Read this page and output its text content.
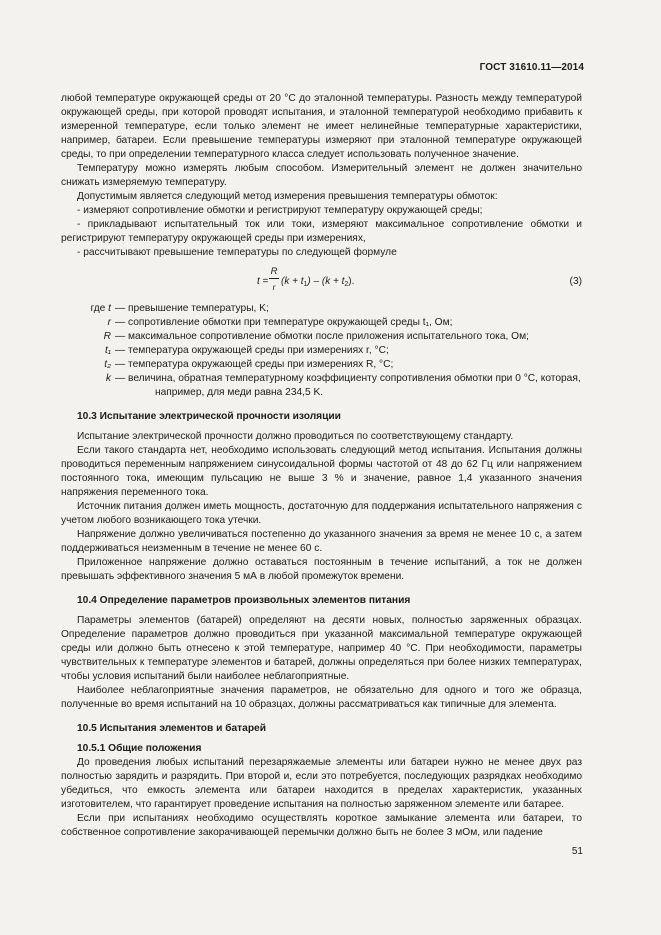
ГОСТ 31610.11—2014

любой температуре окружающей среды от 20 °С до эталонной температуры. Разность между температурой окружающей среды, при которой проводят испытания, и эталонной температурой необходимо прибавить к измеренной температуре, если только элемент не имеет нелинейные температурные характеристики, например, батареи. Если превышение температуры измеряют при эталонной температуре окружающей среды, то при определении температурного класса следует использовать полученное значение.

Температуру можно измерять любым способом. Измерительный элемент не должен значительно снижать измеряемую температуру.

Допустимым является следующий метод измерения превышения температуры обмоток:

- измеряют сопротивление обмотки и регистрируют температуру окружающей среды;

- прикладывают испытательный ток или токи, измеряют максимальное сопротивление обмотки и регистрируют температуру окружающей среды при измерениях,

- рассчитывают превышение температуры по следующей формуле

t =
R
r $(k + t_1) - (k + t_2)$.	(3)
где t — превышение температуры, K;
r — сопротивление обмотки при температуре окружающей среды t₁, Ом;
R — максимальное сопротивление обмотки после приложения испытательного тока, Ом;
t₁ — температура окружающей среды при измерениях r, °C;
t₂ — температура окружающей среды при измерениях R, °C;
k — величина, обратная температурному коэффициенту сопротивления обмотки при 0 °C, которая,
например, для меди равна 234,5 K.

10.3 Испытание электрической прочности изоляции

Испытание электрической прочности должно проводиться по соответствующему стандарту.

Если такого стандарта нет, необходимо использовать следующий метод испытания. Испытания должны проводиться переменным напряжением синусоидальной формы частотой от 48 до 62 Гц или напряжением постоянного тока, имеющим пульсацию не выше 3 % и значение, равное 1,4 указанного значения напряжения переменного тока.

Источник питания должен иметь мощность, достаточную для поддержания испытательного напряжения с учетом любого возникающего тока утечки.

Напряжение должно увеличиваться постепенно до указанного значения за время не менее 10 с, а затем поддерживаться неизменным в течение не менее 60 с.

Приложенное напряжение должно оставаться постоянным в течение испытаний, а ток не должен превышать эффективного значения 5 мА в любой промежуток времени.

10.4 Определение параметров произвольных элементов питания

Параметры элементов (батарей) определяют на десяти новых, полностью заряженных образцах. Определение параметров должно проводиться при указанной максимальной температуре окружающей среды или должно быть отнесено к этой температуре, например 40 °С. При необходимости, параметры чувствительных к температуре элементов и батарей, должны определяться при более низких температурах, чтобы условия испытаний были наиболее неблагоприятные.

Наиболее неблагоприятные значения параметров, не обязательно для одного и того же образца, полученные во время испытаний на 10 образцах, должны рассматриваться как типичные для элемента.

10.5 Испытания элементов и батарей

10.5.1 Общие положения

До проведения любых испытаний перезаряжаемые элементы или батареи нужно не менее двух раз полностью зарядить и разрядить. При второй и, если это потребуется, последующих разрядках необходимо убедиться, что емкость элемента или батареи находится в пределах характеристик, указанных изготовителем, что гарантирует проведение испытания на полностью заряженном элементе или батарее.

Если при испытаниях необходимо осуществлять короткое замыкание элемента или батареи, то собственное сопротивление закорачивающей перемычки должно быть не более 3 мОм, или падение

51
